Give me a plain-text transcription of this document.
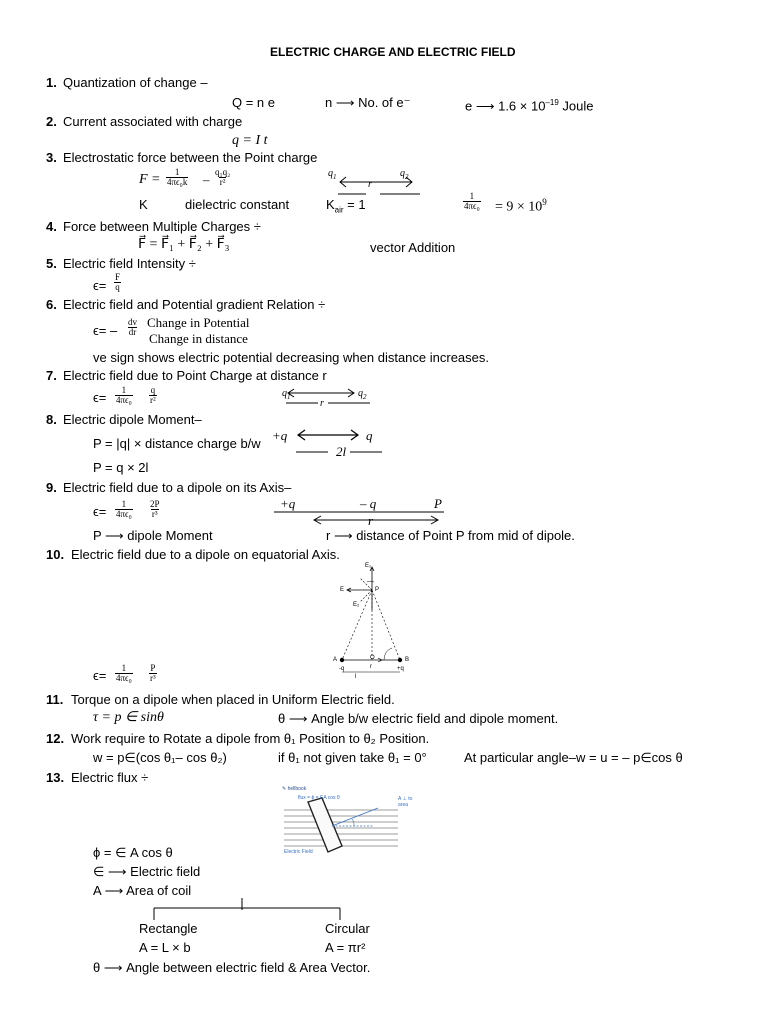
ELECTRIC CHARGE AND ELECTRIC FIELD
1. Quantization of change –
Q = n e	n ⟶ No. of e⁻	e ⟶ $1.6 \times 10^{-19}$ Joule
2. Current associated with charge
q = I t
3. Electrostatic force between the Point charge
$F = \frac{1}{\text{4πϵ₀k}} - \frac{\text{q₁q₂}}{\text{r²}}$	$q_1$	$q_2$
r
K	dielectric constant	$K_{air} = 1$	$\frac{1}{\text{4πϵ₀}} = 9 \times 10^9$
4. Force between Multiple Charges ÷
F⃗ = F⃗₁ + F⃗₂ + F⃗₃	vector Addition
5. Electric field Intensity ÷
$\epsilon= \frac{F}{q}$
6. Electric field and Potential gradient Relation ÷
$\epsilon= - \frac{dv}{dr}$ Change in Potential
Change in distance
ve sign shows electric potential decreasing when distance increases.
7. Electric field due to Point Charge at distance r
$\epsilon= \frac{1}{\text{4πϵ₀}} \frac{q}{\text{r²}}$	$q_1$	$q_2$
r
8. Electric dipole Moment–
P = |q| × distance charge b/w
+q	q
2l
P = q × 2l
9. Electric field due to a dipole on its Axis–
$\epsilon= \frac{1}{\text{4πϵ₀}} \frac{2P}{\text{r³}}$	+q	– q	P
r
P ⟶ dipole Moment	r ⟶ distance of Point P from mid of dipole.
10. Electric field due to a dipole on equatorial Axis.
E₁
E	P
E₂
O
A	B
-q	r	+q
l
$\epsilon= \frac{1}{\text{4πϵ₀}} \frac{P}{\text{r³}}$
11. Torque on a dipole when placed in Uniform Electric field.
τ = p ∈ sinθ	θ ⟶ Angle b/w electric field and dipole moment.
12. Work require to Rotate a dipole from θ₁ Position to θ₂ Position.
w = p∈(cos θ₁– cos θ₂)	if θ₁ not given take θ₁ = 0°	At particular angle–w = u = – p∈cos θ
13. Electric flux ÷
✎ hellbook
flux = ϕ = EA cos θ	A ⊥ to area
Electric Field
ϕ = ∈ A cos θ
∈ ⟶ Electric field
A ⟶ Area of coil
Rectangle
A = L × b
Circular
A = πr²
θ ⟶ Angle between electric field & Area Vector.
